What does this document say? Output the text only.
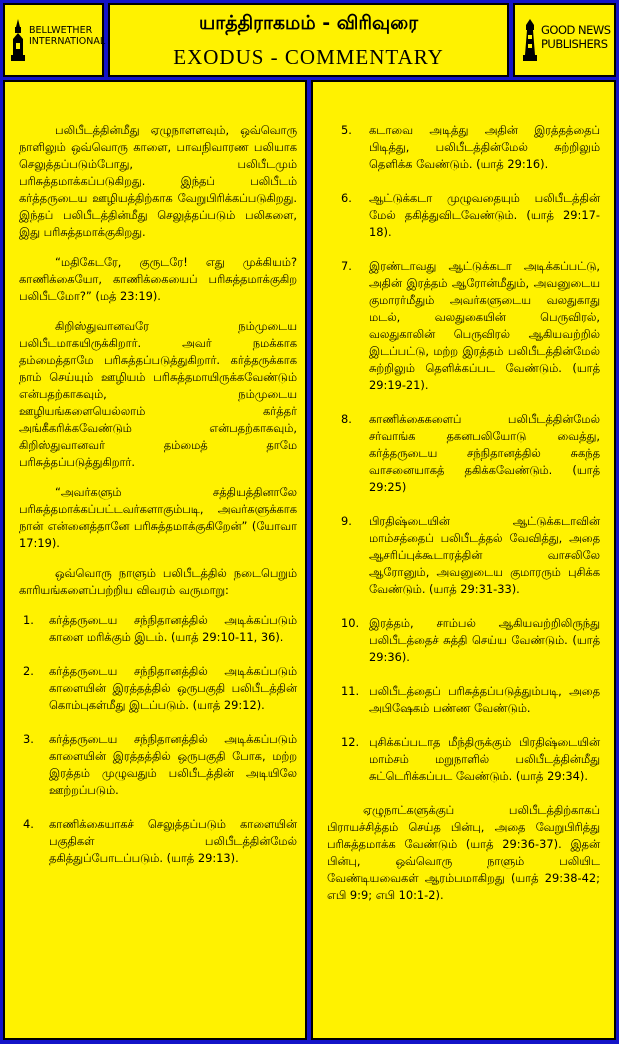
BELLWETHER INTERNATIONAL
யாத்திராகமம் - விரிவுரை
EXODUS - COMMENTARY
GOOD NEWS PUBLISHERS

பலிபீடத்தின்மீது ஏழுநாளளவும், ஒவ்வொரு நாளிலும் ஒவ்வொரு காளை, பாவநிவாரண பலியாக செலுத்தப்படும்போது, பலிபீடமும் பரிசுத்தமாக்கப்படுகிறது. இந்தப் பலிபீடம் கர்த்தருடைய ஊழியத்திற்காக வேறுபிரிக்கப்படுகிறது. இந்தப் பலிபீடத்தின்மீது செலுத்தப்படும் பலிகளை, இது பரிசுத்தமாக்குகிறது.

“மதிகேடரே, குருடரே! எது முக்கியம்? காணிக்கையோ, காணிக்கையைப் பரிசுத்தமாக்குகிற பலிபீடமோ?” (மத் 23:19).

கிறிஸ்துவானவரே நம்முடைய பலிபீடமாகயிருக்கிறார். அவர் நமக்காக தம்மைத்தாமே பரிசுத்தப்படுத்துகிறார். கர்த்தருக்காக நாம் செய்யும் ஊழியம் பரிசுத்தமாயிருக்கவேண்டும் என்பதற்காகவும், நம்முடைய ஊழியங்களையெல்லாம் கர்த்தர் அங்கீகரிக்கவேண்டும் என்பதற்காகவும், கிறிஸ்துவானவர் தம்மைத் தாமே பரிசுத்தப்படுத்துகிறார்.

“அவர்களும் சத்தியத்தினாலே பரிசுத்தமாக்கப்பட்டவர்களாகும்படி, அவர்களுக்காக நான் என்னைத்தானே பரிசுத்தமாக்குகிறேன்” (யோவா 17:19).

ஒவ்வொரு நாளும் பலிபீடத்தில் நடைபெறும் காரியங்களைப்பற்றிய விவரம் வருமாறு:

1.	கர்த்தருடைய சந்நிதானத்தில் அடிக்கப்படும் காளை மரிக்கும் இடம். (யாத் 29:10-11, 36).
2.	கர்த்தருடைய சந்நிதானத்தில் அடிக்கப்படும் காளையின் இரத்தத்தில் ஒருபகுதி பலிபீடத்தின் கொம்புகள்மீது இடப்படும். (யாத் 29:12).
3.	கர்த்தருடைய சந்நிதானத்தில் அடிக்கப்படும் காளையின் இரத்தத்தில் ஒருபகுதி போக, மற்ற இரத்தம் முழுவதும் பலிபீடத்தின் அடியிலே ஊற்றப்படும்.
4.	காணிக்கையாகச் செலுத்தப்படும் காளையின் பகுதிகள் பலிபீடத்தின்மேல் தகித்துப்போடப்படும். (யாத் 29:13).
5.	கடாவை அடித்து அதின் இரத்தத்தைப் பிடித்து, பலிபீடத்தின்மேல் சுற்றிலும் தெளிக்க வேண்டும். (யாத் 29:16).
6.	ஆட்டுக்கடா முழுவதையும் பலிபீடத்தின் மேல் தகித்துவிடவேண்டும். (யாத் 29:17-18).
7.	இரண்டாவது ஆட்டுக்கடா அடிக்கப்பட்டு, அதின் இரத்தம் ஆரோன்மீதும், அவனுடைய குமாரர்மீதும் அவர்களுடைய வலதுகாது மடல், வலதுகையின் பெருவிரல், வலதுகாலின் பெருவிரல் ஆகியவற்றில் இடப்பட்டு, மற்ற இரத்தம் பலிபீடத்தின்மேல் சுற்றிலும் தெளிக்கப்பட வேண்டும். (யாத் 29:19-21).
8.	காணிக்கைகளைப் பலிபீடத்தின்மேல் சர்வாங்க தகனபலியோடு வைத்து, கர்த்தருடைய சந்நிதானத்தில் சுகந்த வாசனையாகத் தகிக்கவேண்டும். (யாத் 29:25)
9.	பிரதிஷ்டையின் ஆட்டுக்கடாவின் மாம்சத்தைப் பலிபீடத்தல் வேவித்து, அதை ஆசரிப்புக்கூடாரத்தின் வாசலிலே ஆரோனும், அவனுடைய குமாரரும் புசிக்க வேண்டும். (யாத் 29:31-33).
10. இரத்தம், சாம்பல் ஆகியவற்றிலிருந்து பலிபீடத்தைச் சுத்தி செய்ய வேண்டும். (யாத் 29:36).
11. பலிபீடத்தைப் பரிசுத்தப்படுத்தும்படி, அதை அபிஷேகம் பண்ண வேண்டும்.
12. புசிக்கப்படாத மீந்திருக்கும் பிரதிஷ்டையின் மாம்சம் மறுநாளில் பலிபீடத்தின்மீது சுட்டெரிக்கப்பட வேண்டும். (யாத் 29:34).

ஏழுநாட்களுக்குப் பலிபீடத்திற்காகப் பிராயச்சித்தம் செய்த பின்பு, அதை வேறுபிரித்து பரிசுத்தமாக்க வேண்டும் (யாத் 29:36-37). இதன் பின்பு, ஒவ்வொரு நாளும் பலியிட வேண்டியவைகள் ஆரம்பமாகிறது (யாத் 29:38-42; எபி 9:9; எபி 10:1-2).
